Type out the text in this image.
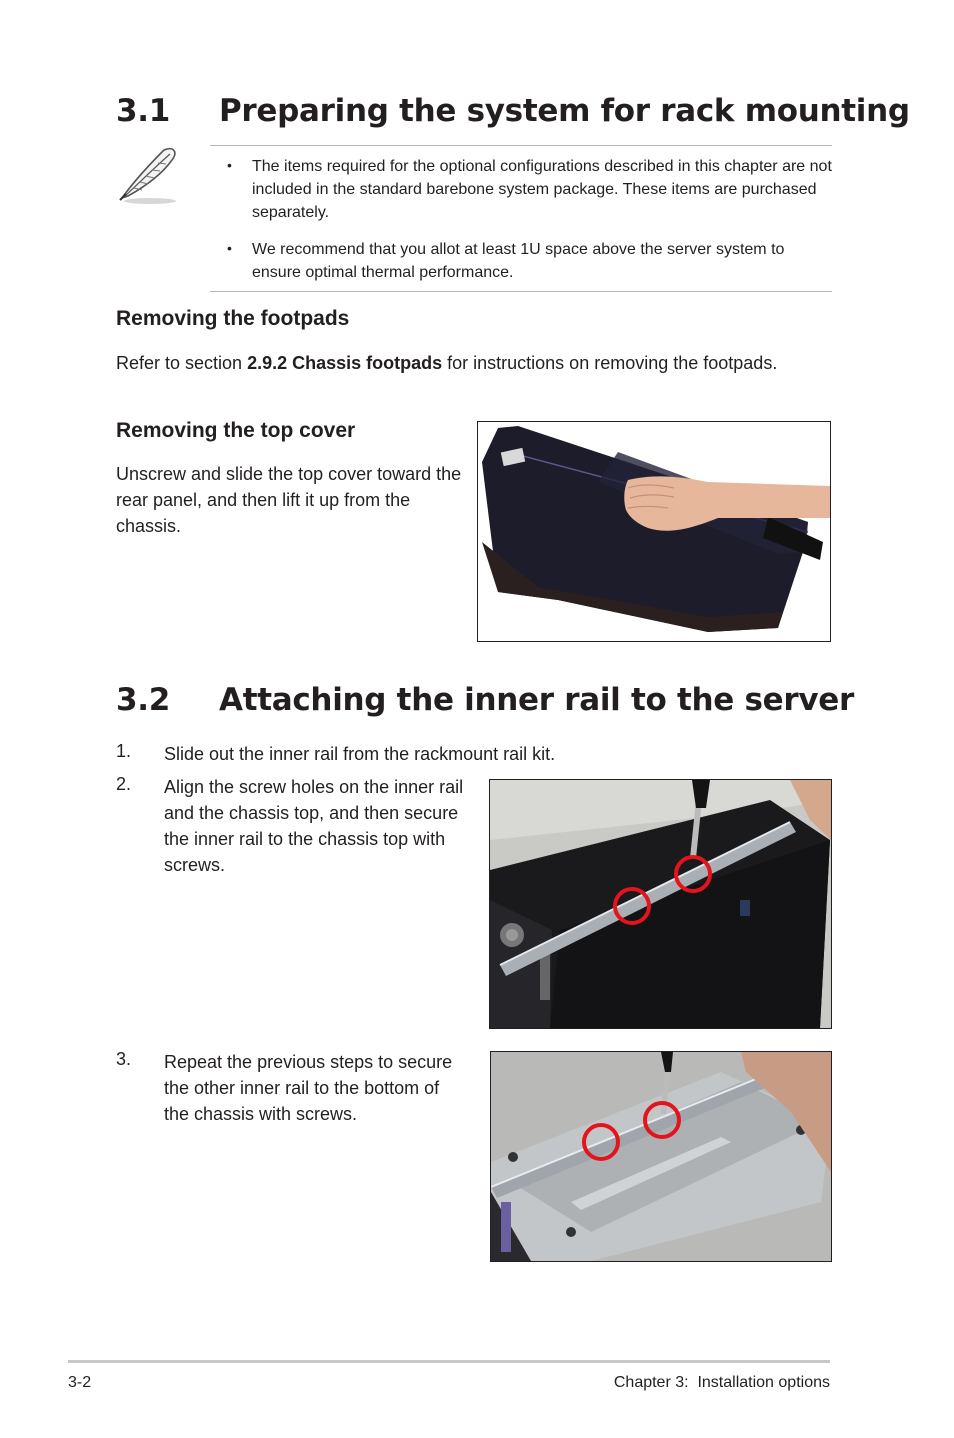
3.1 Preparing the system for rack mounting
• The items required for the optional configurations described in this chapter are not included in the standard barebone system package. These items are purchased separately.
• We recommend that you allot at least 1U space above the server system to ensure optimal thermal performance.
Removing the footpads
Refer to section 2.9.2 Chassis footpads for instructions on removing the footpads.
Removing the top cover
Unscrew and slide the top cover toward the rear panel, and then lift it up from the chassis.
3.2 Attaching the inner rail to the server
1. Slide out the inner rail from the rackmount rail kit.
2. Align the screw holes on the inner rail and the chassis top, and then secure the inner rail to the chassis top with screws.
3. Repeat the previous steps to secure the other inner rail to the bottom of the chassis with screws.
3-2	Chapter 3:  Installation options
